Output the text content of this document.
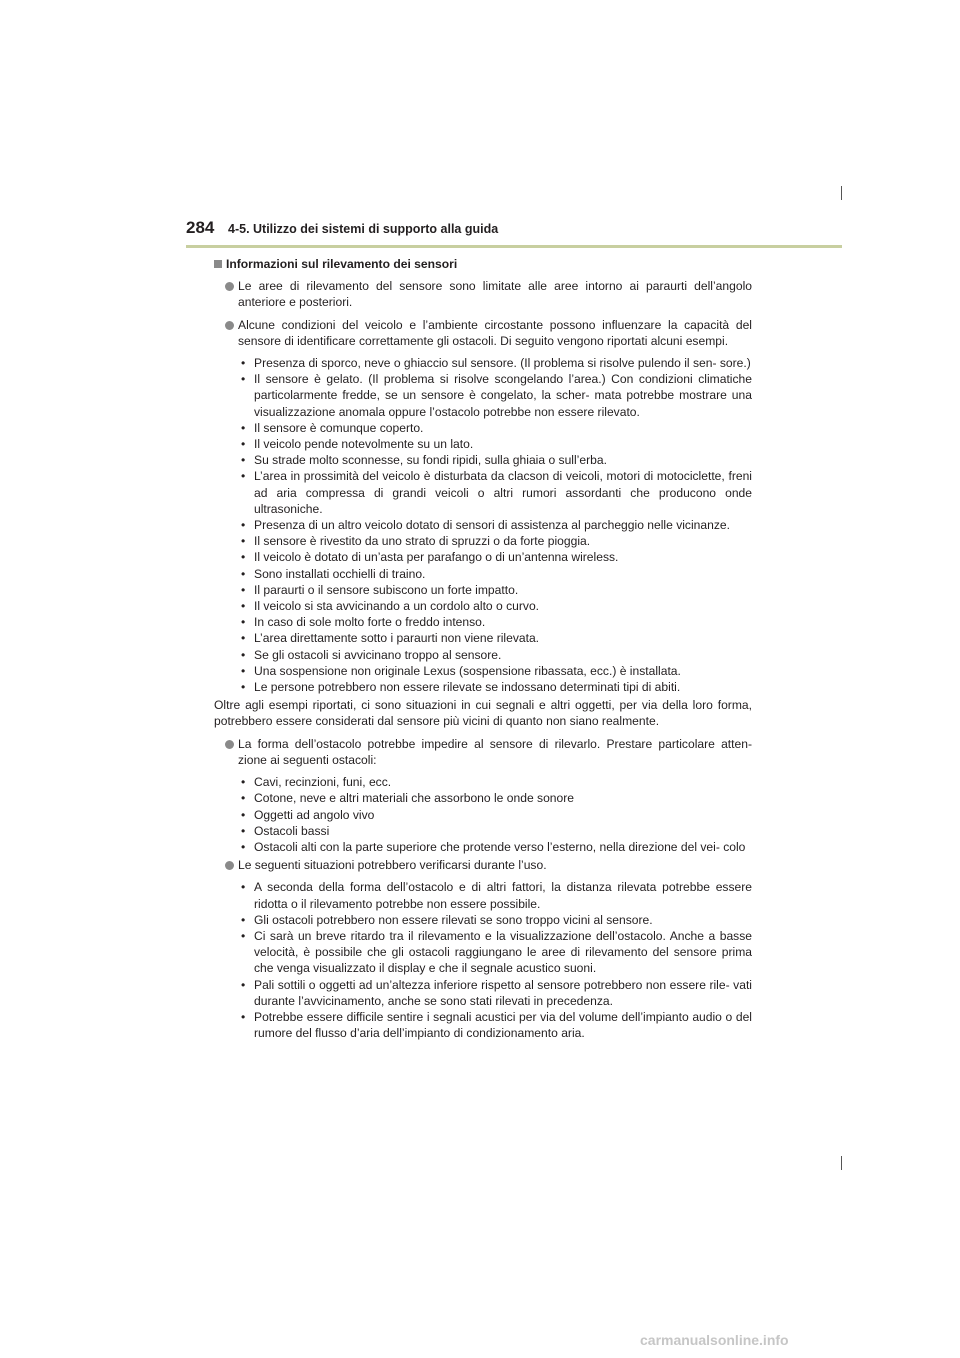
284 4-5. Utilizzo dei sistemi di supporto alla guida
Informazioni sul rilevamento dei sensori
Le aree di rilevamento del sensore sono limitate alle aree intorno ai paraurti dell’angolo anteriore e posteriori.
Alcune condizioni del veicolo e l’ambiente circostante possono influenzare la capacità del sensore di identificare correttamente gli ostacoli. Di seguito vengono riportati alcuni esempi.
• Presenza di sporco, neve o ghiaccio sul sensore. (Il problema si risolve pulendo il sen- sore.)
• Il sensore è gelato. (Il problema si risolve scongelando l’area.) Con condizioni climatiche particolarmente fredde, se un sensore è congelato, la scher- mata potrebbe mostrare una visualizzazione anomala oppure l’ostacolo potrebbe non essere rilevato.
• Il sensore è comunque coperto.
• Il veicolo pende notevolmente su un lato.
• Su strade molto sconnesse, su fondi ripidi, sulla ghiaia o sull’erba.
• L’area in prossimità del veicolo è disturbata da clacson di veicoli, motori di motociclette, freni ad aria compressa di grandi veicoli o altri rumori assordanti che producono onde ultrasoniche.
• Presenza di un altro veicolo dotato di sensori di assistenza al parcheggio nelle vicinanze.
• Il sensore è rivestito da uno strato di spruzzi o da forte pioggia.
• Il veicolo è dotato di un’asta per parafango o di un’antenna wireless.
• Sono installati occhielli di traino.
• Il paraurti o il sensore subiscono un forte impatto.
• Il veicolo si sta avvicinando a un cordolo alto o curvo.
• In caso di sole molto forte o freddo intenso.
• L’area direttamente sotto i paraurti non viene rilevata.
• Se gli ostacoli si avvicinano troppo al sensore.
• Una sospensione non originale Lexus (sospensione ribassata, ecc.) è installata.
• Le persone potrebbero non essere rilevate se indossano determinati tipi di abiti.
Oltre agli esempi riportati, ci sono situazioni in cui segnali e altri oggetti, per via della loro forma, potrebbero essere considerati dal sensore più vicini di quanto non siano realmente.
La forma dell’ostacolo potrebbe impedire al sensore di rilevarlo. Prestare particolare atten- zione ai seguenti ostacoli:
• Cavi, recinzioni, funi, ecc.
• Cotone, neve e altri materiali che assorbono le onde sonore
• Oggetti ad angolo vivo
• Ostacoli bassi
• Ostacoli alti con la parte superiore che protende verso l’esterno, nella direzione del vei- colo
Le seguenti situazioni potrebbero verificarsi durante l’uso.
• A seconda della forma dell’ostacolo e di altri fattori, la distanza rilevata potrebbe essere ridotta o il rilevamento potrebbe non essere possibile.
• Gli ostacoli potrebbero non essere rilevati se sono troppo vicini al sensore.
• Ci sarà un breve ritardo tra il rilevamento e la visualizzazione dell’ostacolo. Anche a basse velocità, è possibile che gli ostacoli raggiungano le aree di rilevamento del sensore prima che venga visualizzato il display e che il segnale acustico suoni.
• Pali sottili o oggetti ad un’altezza inferiore rispetto al sensore potrebbero non essere rile- vati durante l’avvicinamento, anche se sono stati rilevati in precedenza.
• Potrebbe essere difficile sentire i segnali acustici per via del volume dell’impianto audio o del rumore del flusso d’aria dell’impianto di condizionamento aria.
carmanualsonline.info
